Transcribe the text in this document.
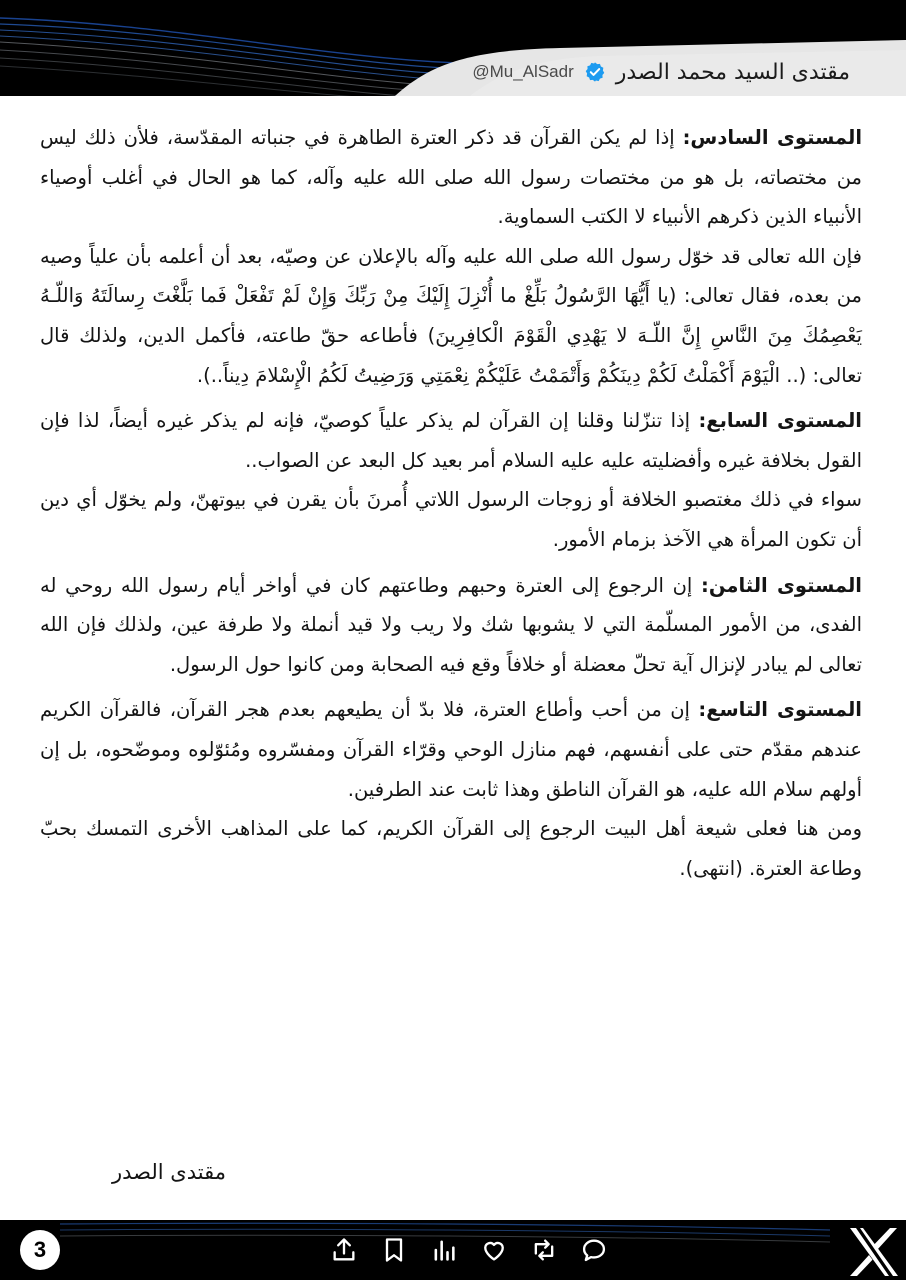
مقتدى السيد محمد الصدر
@Mu_AlSadr

المستوى السادس: إذا لم يكن القرآن قد ذكر العترة الطاهرة في جنباته المقدّسة، فلأن ذلك ليس من مختصاته، بل هو من مختصات رسول الله صلى الله عليه وآله، كما هو الحال في أغلب أوصياء الأنبياء الذين ذكرهم الأنبياء لا الكتب السماوية.

فإن الله تعالى قد خوّل رسول الله صلى الله عليه وآله بالإعلان عن وصيّه، بعد أن أعلمه بأن علياً وصيه من بعده، فقال تعالى: (يا أَيُّهَا الرَّسُولُ بَلِّغْ ما أُنْزِلَ إِلَيْكَ مِنْ رَبِّكَ وَإِنْ لَمْ تَفْعَلْ فَما بَلَّغْتَ رِسالَتَهُ وَاللّـهُ يَعْصِمُكَ مِنَ النَّاسِ إِنَّ اللّـهَ لا يَهْدِي الْقَوْمَ الْكافِرِينَ) فأطاعه حقّ طاعته، فأكمل الدين، ولذلك قال تعالى: (.. الْيَوْمَ أَكْمَلْتُ لَكُمْ دِينَكُمْ وَأَتْمَمْتُ عَلَيْكُمْ نِعْمَتِي وَرَضِيتُ لَكُمُ الْإِسْلامَ دِيناً..).

المستوى السابع: إذا تنزّلنا وقلنا إن القرآن لم يذكر علياً كوصيّ، فإنه لم يذكر غيره أيضاً، لذا فإن القول بخلافة غيره وأفضليته عليه عليه السلام أمر بعيد كل البعد عن الصواب..

سواء في ذلك مغتصبو الخلافة أو زوجات الرسول اللاتي أُمرنَ بأن يقرن في بيوتهنّ، ولم يخوّل أي دين أن تكون المرأة هي الآخذ بزمام الأمور.

المستوى الثامن: إن الرجوع إلى العترة وحبهم وطاعتهم كان في أواخر أيام رسول الله روحي له الفدى، من الأمور المسلّمة التي لا يشوبها شك ولا ريب ولا قيد أنملة ولا طرفة عين، ولذلك فإن الله تعالى لم يبادر لإنزال آية تحلّ معضلة أو خلافاً وقع فيه الصحابة ومن كانوا حول الرسول.

المستوى التاسع: إن من أحب وأطاع العترة، فلا بدّ أن يطيعهم بعدم هجر القرآن، فالقرآن الكريم عندهم مقدّم حتى على أنفسهم، فهم منازل الوحي وقرّاء القرآن ومفسّروه ومُئوّلوه وموضّحوه، بل إن أولهم سلام الله عليه، هو القرآن الناطق وهذا ثابت عند الطرفين.

ومن هنا فعلى شيعة أهل البيت الرجوع إلى القرآن الكريم، كما على المذاهب الأخرى التمسك بحبّ وطاعة العترة. (انتهى).

مقتدى الصدر
3
